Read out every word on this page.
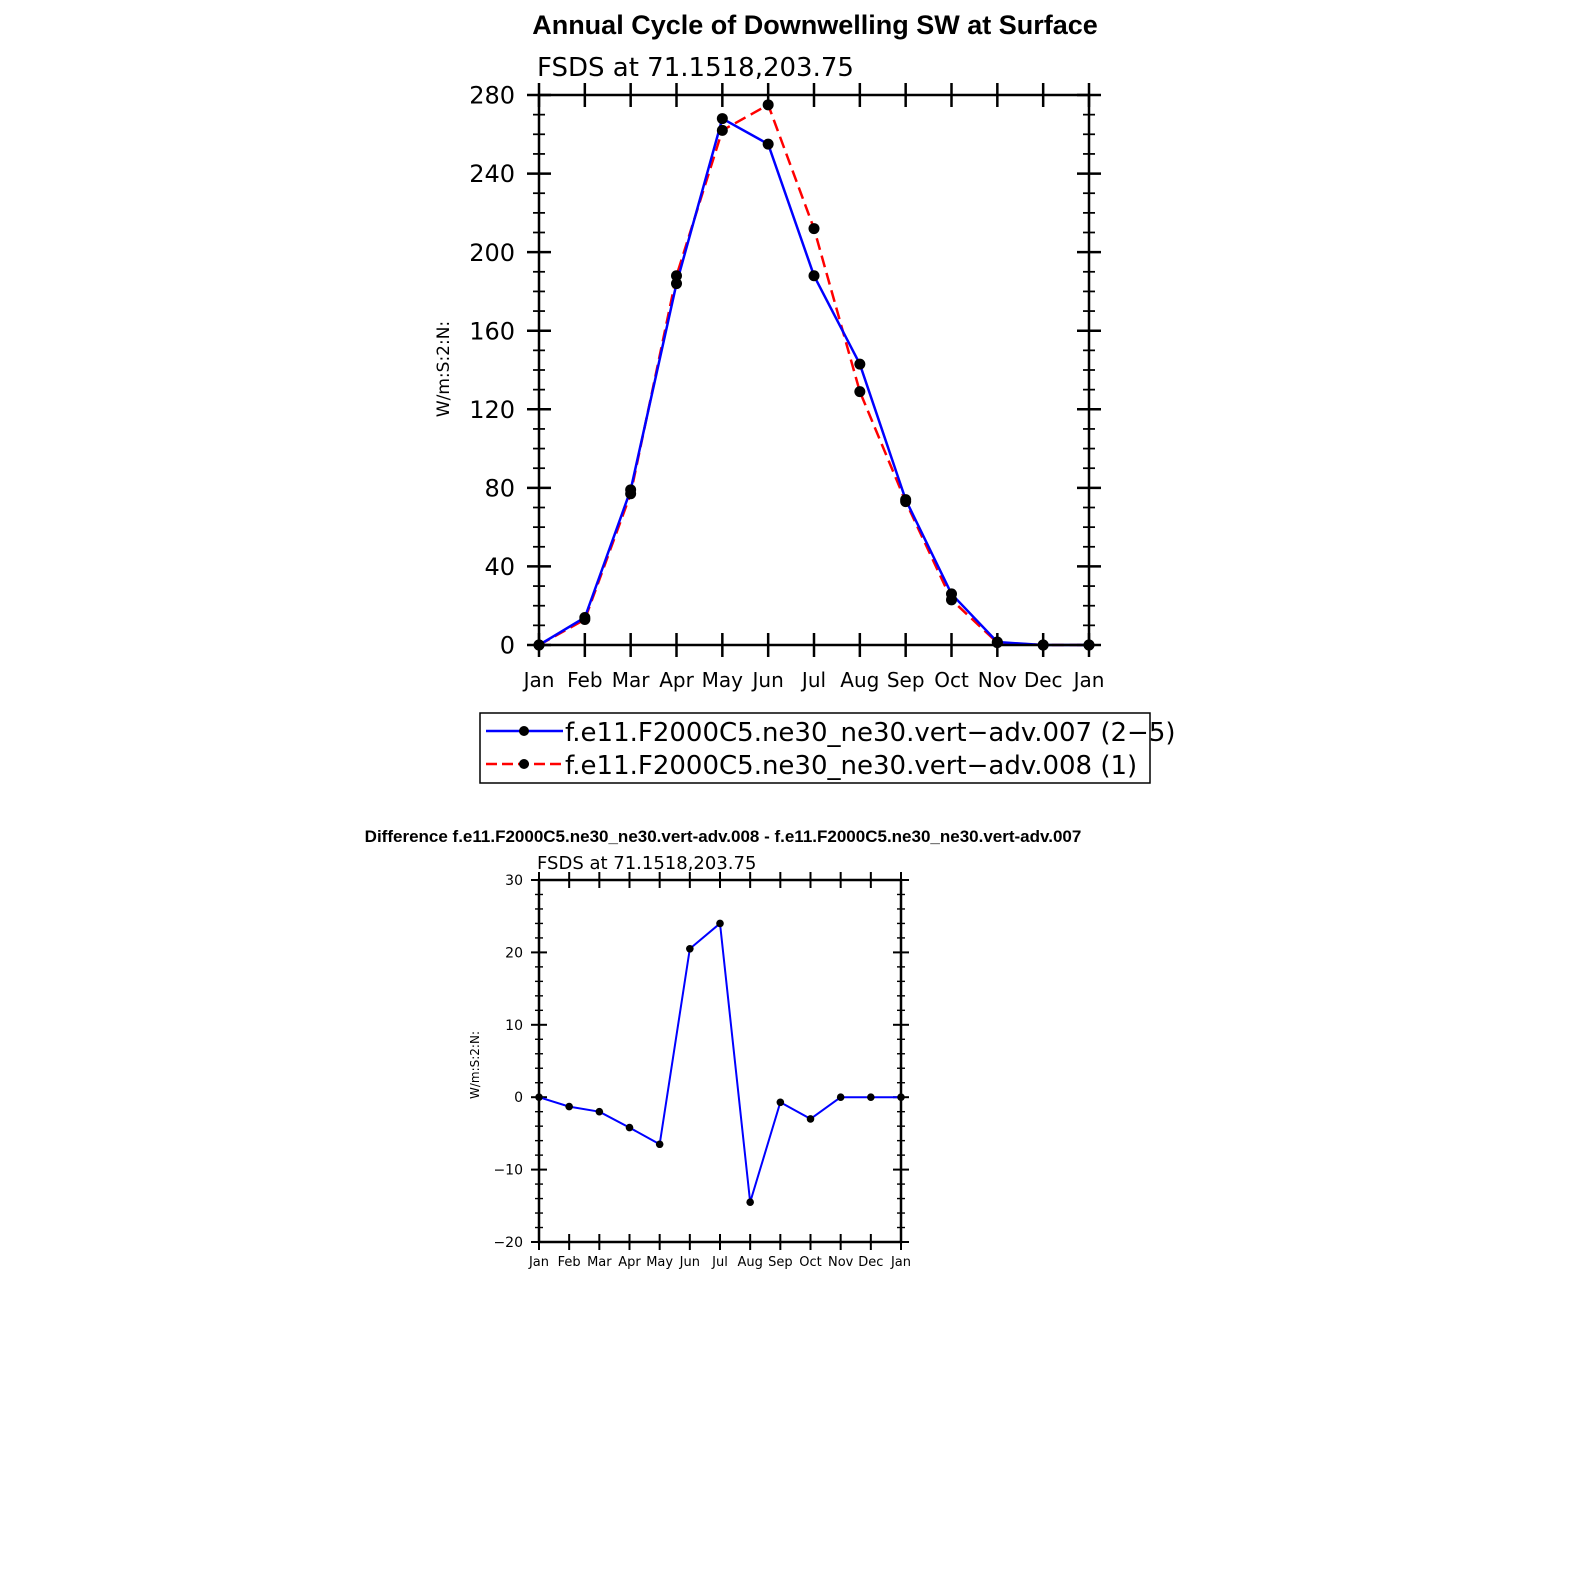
Annual Cycle of Downwelling SW at Surface
FSDS at 71.1518,203.75
W/m:S:2:N:
0
40
80
120
160
200
240
280
Jan Feb Mar Apr May Jun Jul Aug Sep Oct Nov Dec Jan
f.e11.F2000C5.ne30_ne30.vert−adv.007 (2−5)
f.e11.F2000C5.ne30_ne30.vert−adv.008 (1)
Difference f.e11.F2000C5.ne30_ne30.vert-adv.008 - f.e11.F2000C5.ne30_ne30.vert-adv.007
FSDS at 71.1518,203.75
W/m:S:2:N:
−20
−10
0
10
20
30
Jan Feb Mar Apr May Jun Jul Aug Sep Oct Nov Dec Jan
